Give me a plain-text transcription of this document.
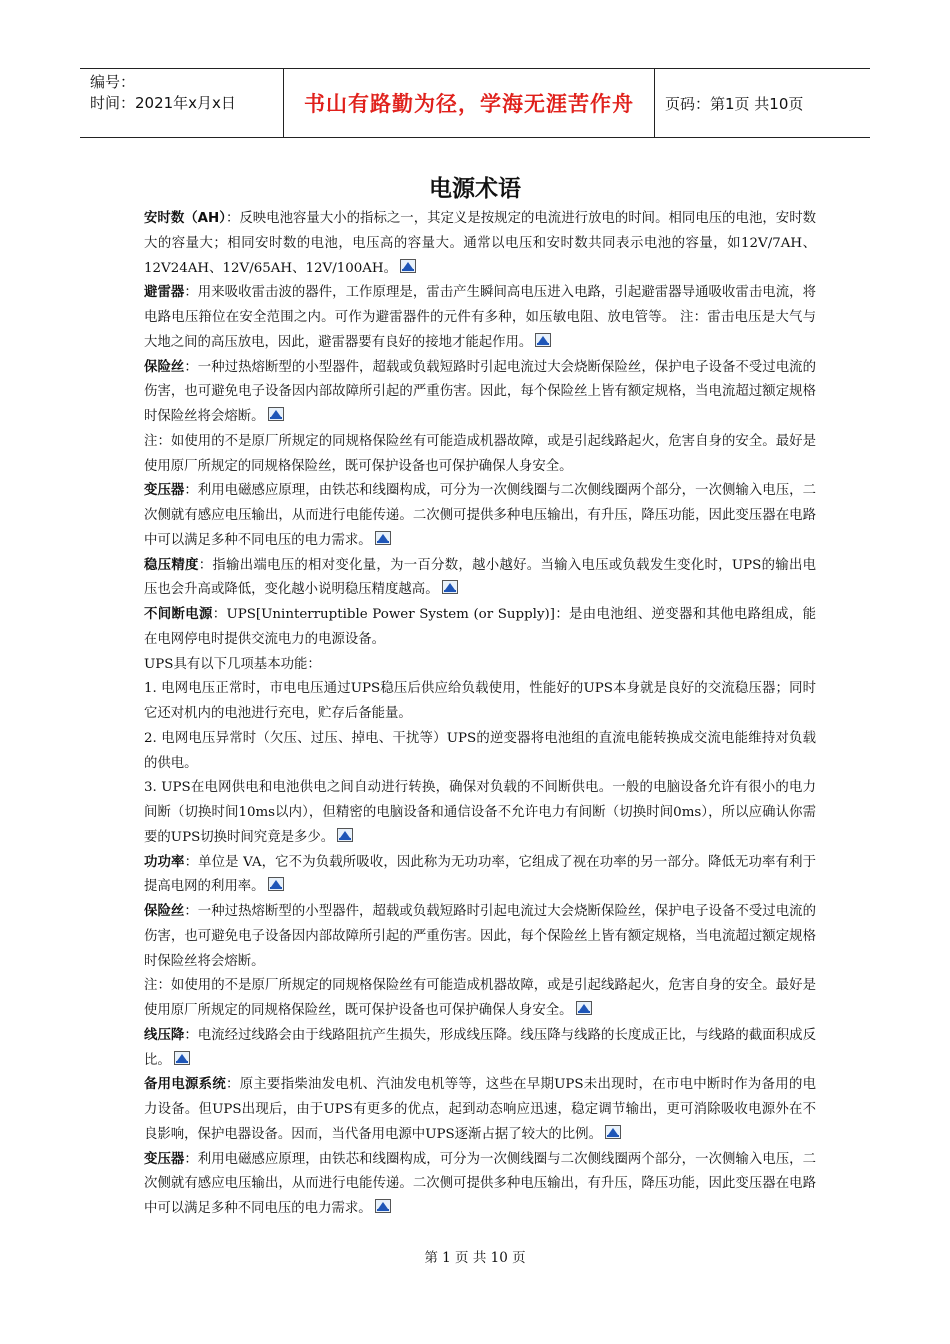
编号：
时间：2021年x月x日	书山有路勤为径，学海无涯苦作舟	页码：第1页 共10页
电源术语

安时数（AH）：反映电池容量大小的指标之一，其定义是按规定的电流进行放电的时间。相同电压的电池，安时数大的容量大；相同安时数的电池，电压高的容量大。通常以电压和安时数共同表示电池的容量，如12V/7AH、12V24AH、12V/65AH、12V/100AH。

避雷器：用来吸收雷击波的器件，工作原理是，雷击产生瞬间高电压进入电路，引起避雷器导通吸收雷击电流，将电路电压箝位在安全范围之内。可作为避雷器件的元件有多种，如压敏电阻、放电管等。 注：雷击电压是大气与大地之间的高压放电，因此，避雷器要有良好的接地才能起作用。

保险丝：一种过热熔断型的小型器件，超载或负载短路时引起电流过大会烧断保险丝，保护电子设备不受过电流的伤害，也可避免电子设备因内部故障所引起的严重伤害。因此，每个保险丝上皆有额定规格，当电流超过额定规格时保险丝将会熔断。

注：如使用的不是原厂所规定的同规格保险丝有可能造成机器故障，或是引起线路起火，危害自身的安全。最好是使用原厂所规定的同规格保险丝，既可保护设备也可保护确保人身安全。

变压器：利用电磁感应原理，由铁芯和线圈构成，可分为一次侧线圈与二次侧线圈两个部分，一次侧输入电压，二次侧就有感应电压输出，从而进行电能传递。二次侧可提供多种电压输出，有升压，降压功能，因此变压器在电路中可以满足多种不同电压的电力需求。

稳压精度：指输出端电压的相对变化量，为一百分数，越小越好。当输入电压或负载发生变化时，UPS的输出电压也会升高或降低，变化越小说明稳压精度越高。

不间断电源：UPS[Uninterruptible Power System (or Supply)]：是由电池组、逆变器和其他电路组成，能在电网停电时提供交流电力的电源设备。

UPS具有以下几项基本功能：

1. 电网电压正常时，市电电压通过UPS稳压后供应给负载使用，性能好的UPS本身就是良好的交流稳压器；同时它还对机内的电池进行充电，贮存后备能量。

2. 电网电压异常时（欠压、过压、掉电、干扰等）UPS的逆变器将电池组的直流电能转换成交流电能维持对负载的供电。

3. UPS在电网供电和电池供电之间自动进行转换，确保对负载的不间断供电。一般的电脑设备允许有很小的电力间断（切换时间10ms以内），但精密的电脑设备和通信设备不允许电力有间断（切换时间0ms），所以应确认你需要的UPS切换时间究竟是多少。

功功率：单位是 VA，它不为负载所吸收，因此称为无功功率，它组成了视在功率的另一部分。降低无功率有利于提高电网的利用率。

保险丝：一种过热熔断型的小型器件，超载或负载短路时引起电流过大会烧断保险丝，保护电子设备不受过电流的伤害，也可避免电子设备因内部故障所引起的严重伤害。因此，每个保险丝上皆有额定规格，当电流超过额定规格时保险丝将会熔断。

注：如使用的不是原厂所规定的同规格保险丝有可能造成机器故障，或是引起线路起火，危害自身的安全。最好是使用原厂所规定的同规格保险丝，既可保护设备也可保护确保人身安全。

线压降：电流经过线路会由于线路阻抗产生损失，形成线压降。线压降与线路的长度成正比，与线路的截面积成反比。

备用电源系统：原主要指柴油发电机、汽油发电机等等，这些在早期UPS未出现时，在市电中断时作为备用的电力设备。但UPS出现后，由于UPS有更多的优点，起到动态响应迅速，稳定调节输出，更可消除吸收电源外在不良影响，保护电器设备。因而，当代备用电源中UPS逐渐占据了较大的比例。

变压器：利用电磁感应原理，由铁芯和线圈构成，可分为一次侧线圈与二次侧线圈两个部分，一次侧输入电压，二次侧就有感应电压输出，从而进行电能传递。二次侧可提供多种电压输出，有升压，降压功能，因此变压器在电路中可以满足多种不同电压的电力需求。

第 1 页 共 10 页
